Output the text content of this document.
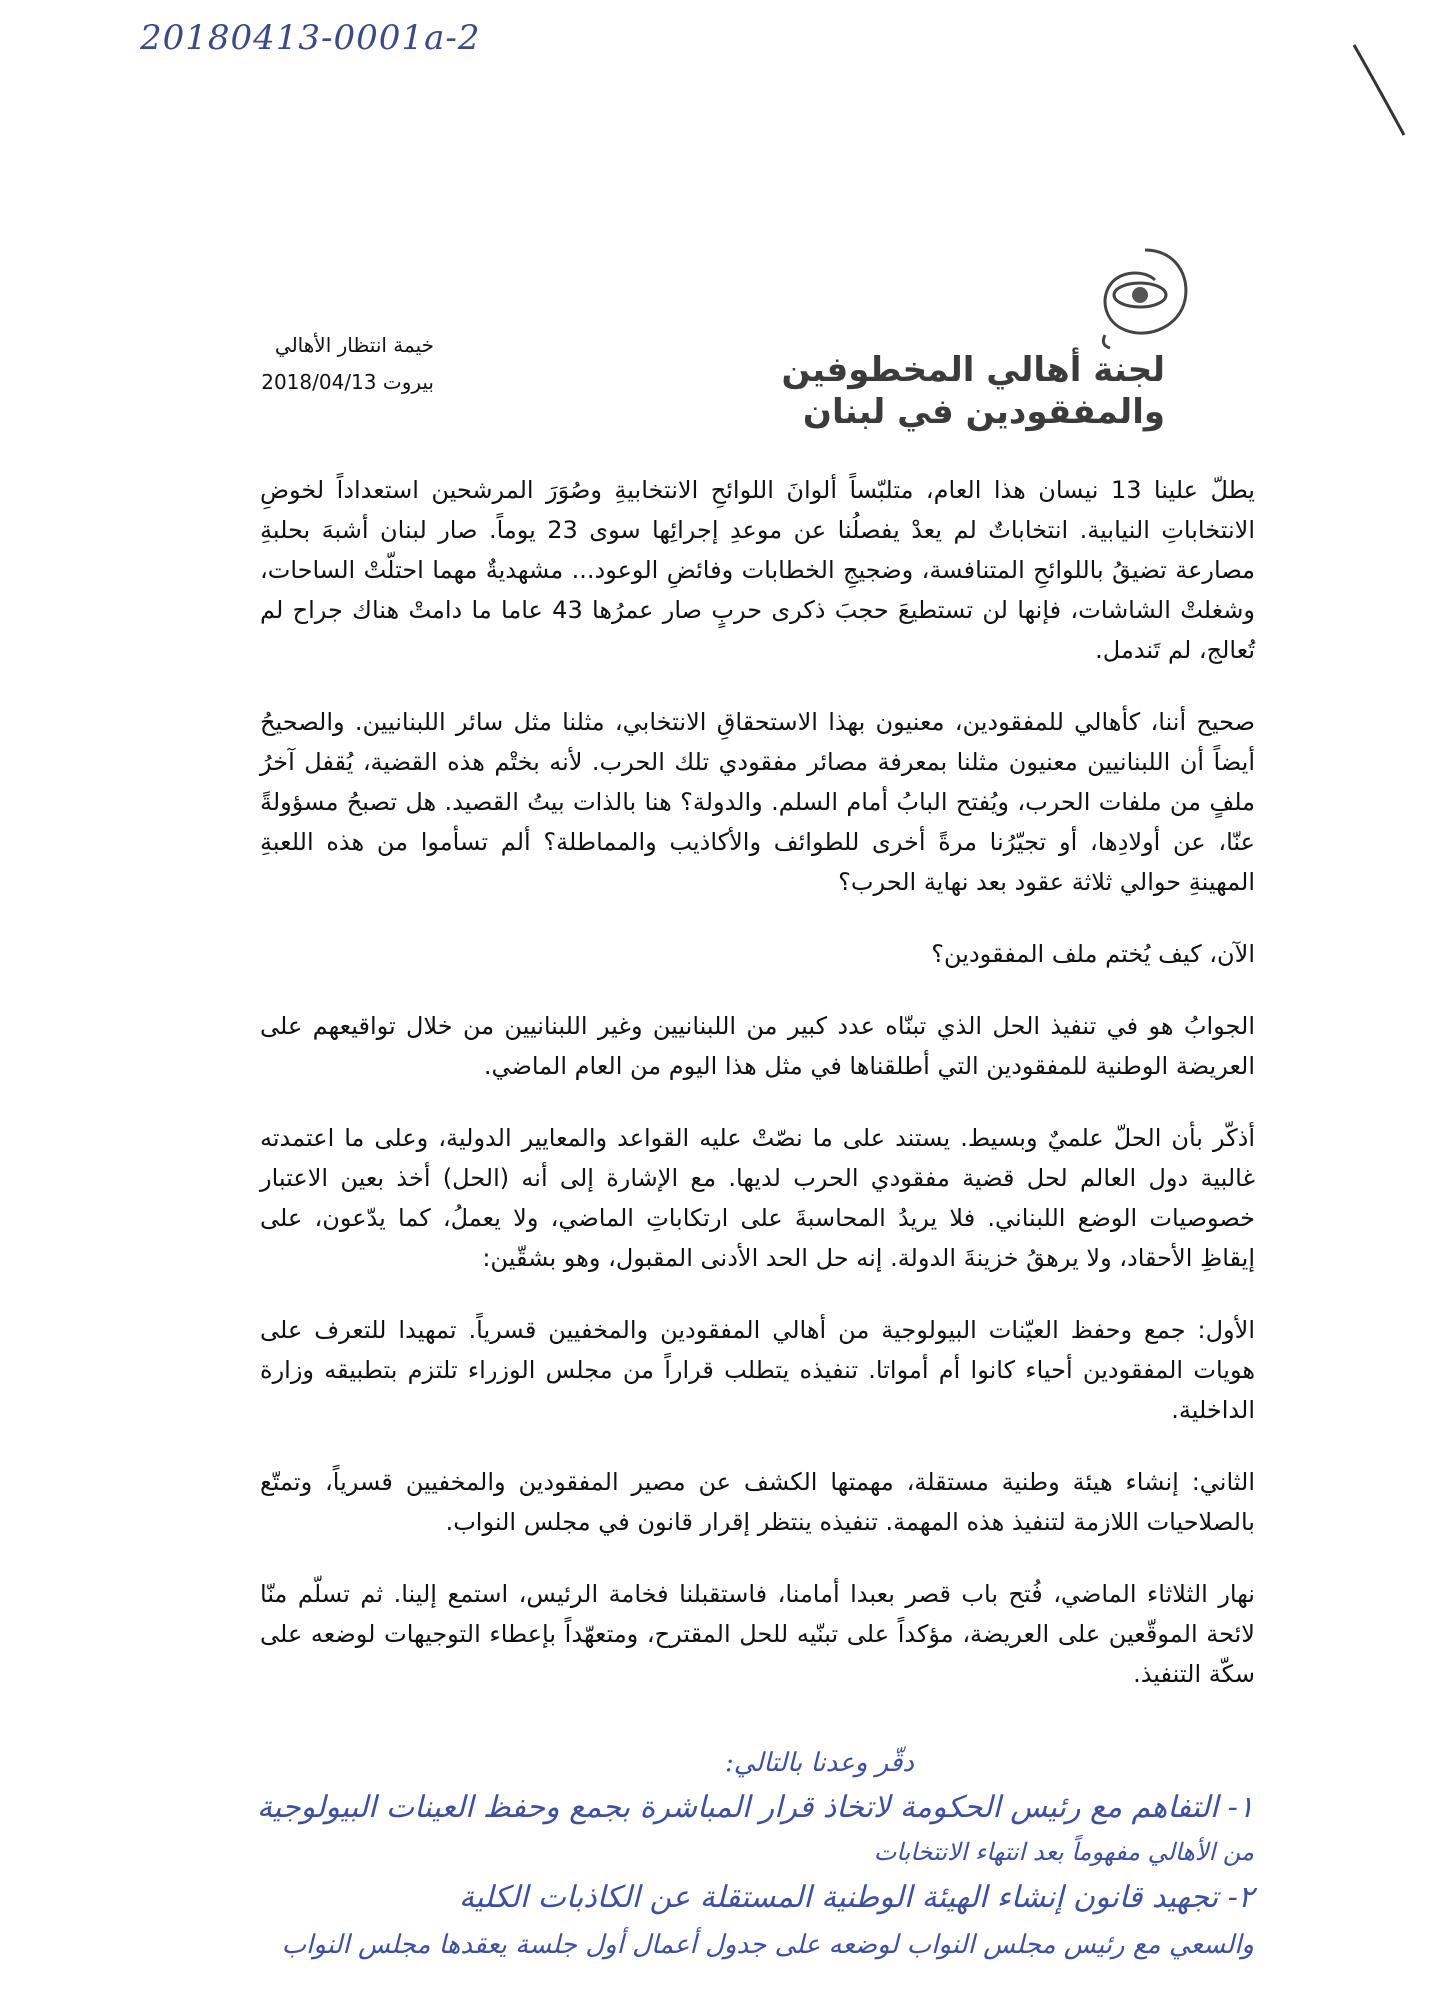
20180413-0001a-2
لجنة أهالي المخطوفين
والمفقودين في لبنان
خيمة انتظار الأهالي
بيروت 2018/04/13

يطلّ علينا 13 نيسان هذا العام، متلبّساً ألوانَ اللوائحِ الانتخابيةِ وصُوَرَ المرشحين استعداداً لخوضِ الانتخاباتِ النيابية. انتخاباتٌ لم يعدْ يفصلُنا عن موعدِ إجرائِها سوى 23 يوماً. صار لبنان أشبهَ بحلبةِ مصارعة تضيقُ باللوائحِ المتنافسة، وضجيجِ الخطابات وفائضِ الوعود... مشهديةٌ مهما احتلّتْ الساحات، وشغلتْ الشاشات، فإنها لن تستطيعَ حجبَ ذكرى حربٍ صار عمرُها 43 عاما ما دامتْ هناك جراح لم تُعالج، لم تَندمل.

صحيح أننا، كأهالي للمفقودين، معنيون بهذا الاستحقاقِ الانتخابي، مثلنا مثل سائر اللبنانيين. والصحيحُ أيضاً أن اللبنانيين معنيون مثلنا بمعرفة مصائر مفقودي تلك الحرب. لأنه بختْم هذه القضية، يُقفل آخرُ ملفٍ من ملفات الحرب، ويُفتح البابُ أمام السلم. والدولة؟ هنا بالذات بيتُ القصيد. هل تصبحُ مسؤولةً عنّا، عن أولادِها، أو تجيّرُنا مرةً أخرى للطوائف والأكاذيب والمماطلة؟ ألم تسأموا من هذه اللعبةِ المهينةِ حوالي ثلاثة عقود بعد نهاية الحرب؟

الآن، كيف يُختم ملف المفقودين؟

الجوابُ هو في تنفيذ الحل الذي تبنّاه عدد كبير من اللبنانيين وغير اللبنانيين من خلال تواقيعهم على العريضة الوطنية للمفقودين التي أطلقناها في مثل هذا اليوم من العام الماضي.

أذكّر بأن الحلّ علميٌ وبسيط. يستند على ما نصّتْ عليه القواعد والمعايير الدولية، وعلى ما اعتمدته غالبية دول العالم لحل قضية مفقودي الحرب لديها. مع الإشارة إلى أنه (الحل) أخذ بعين الاعتبار خصوصيات الوضع اللبناني. فلا يريدُ المحاسبةَ على ارتكاباتِ الماضي، ولا يعملُ، كما يدّعون، على إيقاظِ الأحقاد، ولا يرهقُ خزينةَ الدولة. إنه حل الحد الأدنى المقبول، وهو بشقّين:

الأول: جمع وحفظ العيّنات البيولوجية من أهالي المفقودين والمخفيين قسرياً. تمهيدا للتعرف على هويات المفقودين أحياء كانوا أم أمواتا. تنفيذه يتطلب قراراً من مجلس الوزراء تلتزم بتطبيقه وزارة الداخلية.

الثاني: إنشاء هيئة وطنية مستقلة، مهمتها الكشف عن مصير المفقودين والمخفيين قسرياً، وتمتّع بالصلاحيات اللازمة لتنفيذ هذه المهمة. تنفيذه ينتظر إقرار قانون في مجلس النواب.

نهار الثلاثاء الماضي، فُتح باب قصر بعبدا أمامنا، فاستقبلنا فخامة الرئيس، استمع إلينا. ثم تسلّم منّا لائحة الموقّعين على العريضة، مؤكداً على تبنّيه للحل المقترح، ومتعهّداً بإعطاء التوجيهات لوضعه على سكّة التنفيذ.

دقّر وعدنا بالتالي:
١- التفاهم مع رئيس الحكومة لاتخاذ قرار المباشرة بجمع وحفظ العينات البيولوجية
من الأهالي مفهوماً بعد انتهاء الانتخابات
٢- تجهيد قانون إنشاء الهيئة الوطنية المستقلة عن الكاذبات الكلية
والسعي مع رئيس مجلس النواب لوضعه على جدول أعمال أول جلسة يعقدها مجلس النواب
